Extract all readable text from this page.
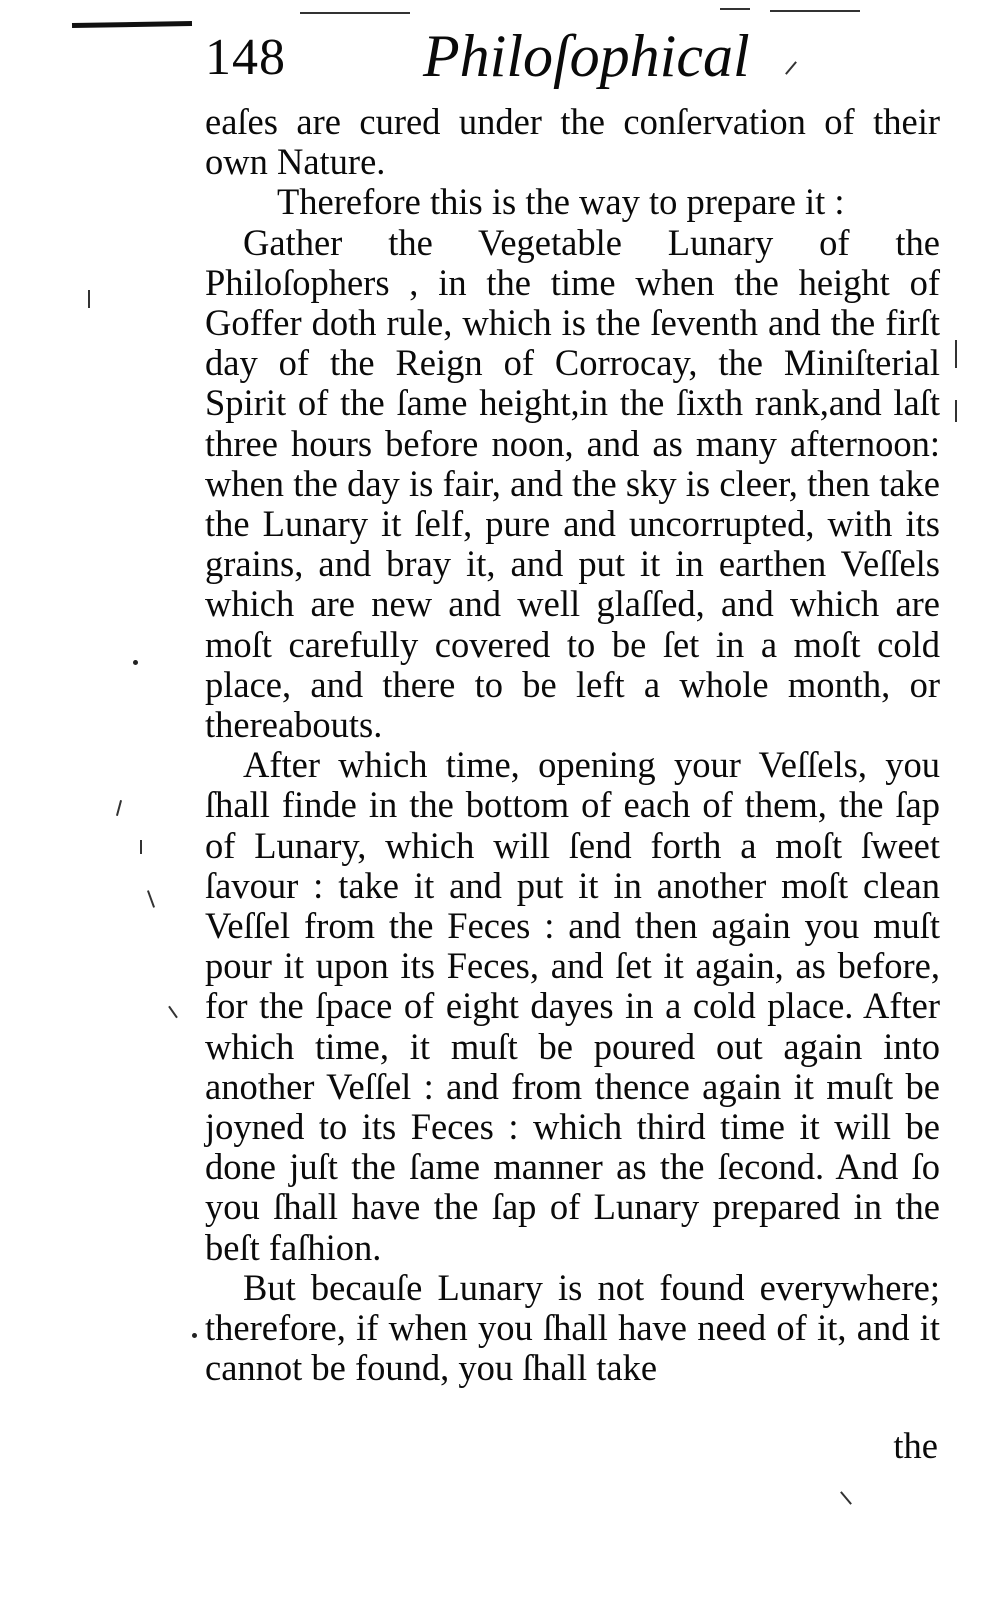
148 Philoſophical

eaſes are cured under the conſervation of their own Nature.

Therefore this is the way to prepare it :

Gather the Vegetable Lunary of the Philoſophers , in the time when the height of Goffer doth rule, which is the ſeventh and the firſt day of the Reign of Corrocay, the Miniſterial Spirit of the ſame height,in the ſixth rank,and laſt three hours before noon, and as many afternoon: when the day is fair, and the sky is cleer, then take the Lunary it ſelf, pure and uncorrupted, with its grains, and bray it, and put it in earthen Veſſels which are new and well glaſſed, and which are moſt carefully covered to be ſet in a moſt cold place, and there to be left a whole month, or thereabouts.

After which time, opening your Veſſels, you ſhall finde in the bottom of each of them, the ſap of Lunary, which will ſend forth a moſt ſweet ſavour : take it and put it in another moſt clean Veſſel from the Feces : and then again you muſt pour it upon its Feces, and ſet it again, as before, for the ſpace of eight dayes in a cold place. After which time, it muſt be poured out again into another Veſſel : and from thence again it muſt be joyned to its Feces : which third time it will be done juſt the ſame manner as the ſecond. And ſo you ſhall have the ſap of Lunary prepared in the beſt faſhion.

But becauſe Lunary is not found everywhere; therefore, if when you ſhall have need of it, and it cannot be found, you ſhall take

the
